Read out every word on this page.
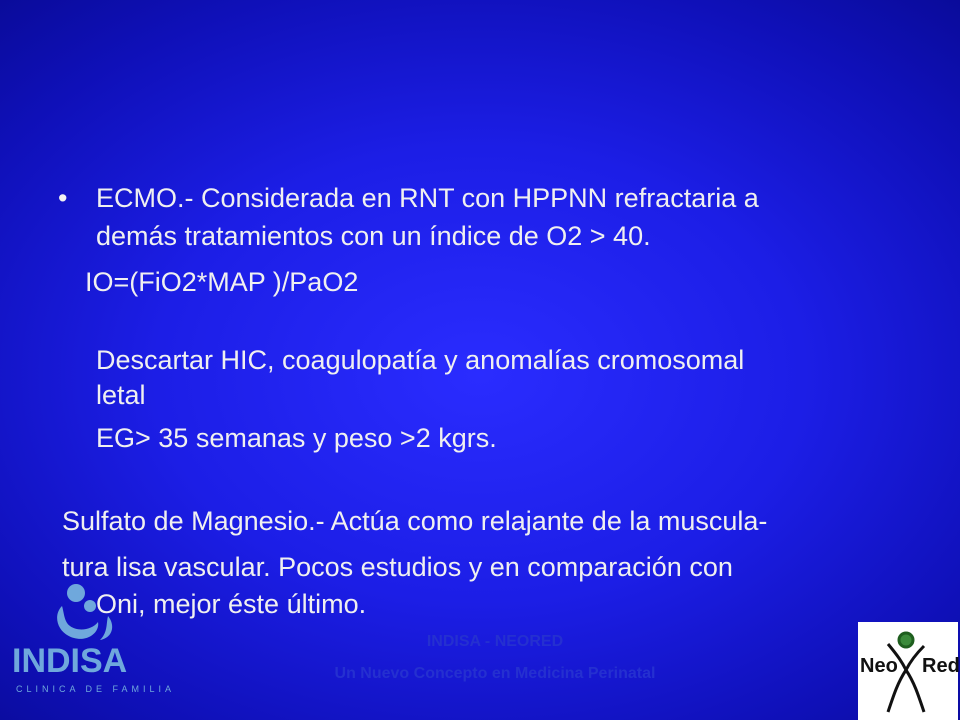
• ECMO.- Considerada en RNT con HPPNN refractaria a
demás tratamientos con un índice de O2 > 40.
IO=(FiO2*MAP )/PaO2
Descartar HIC, coagulopatía y anomalías cromosomal
letal
EG> 35 semanas y peso >2 kgrs.
Sulfato de Magnesio.- Actúa como relajante de la muscula-
tura lisa vascular. Pocos estudios y en comparación con
Oni, mejor éste último.
INDISA
CLINICA DE FAMILIA
INDISA - NEORED
Un Nuevo Concepto en Medicina Perinatal	Neo Red
